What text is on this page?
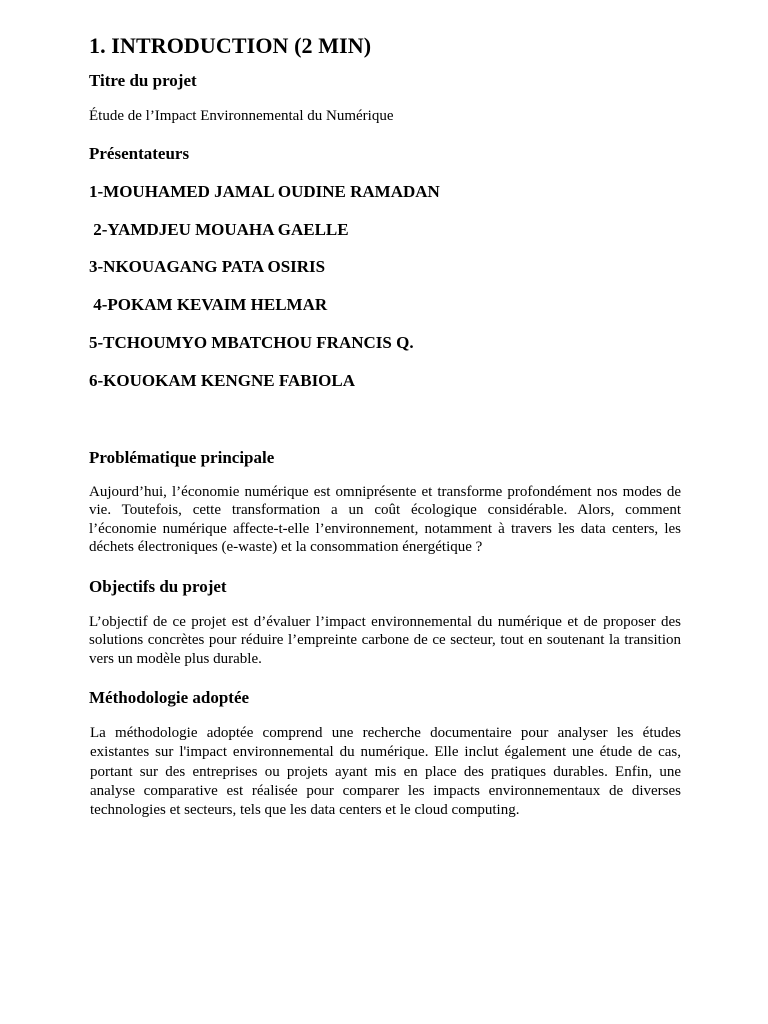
1. INTRODUCTION (2 MIN)
Titre du projet

Étude de l’Impact Environnemental du Numérique

Présentateurs

1-MOUHAMED JAMAL OUDINE RAMADAN

2-YAMDJEU MOUAHA GAELLE

3-NKOUAGANG PATA OSIRIS

4-POKAM KEVAIM HELMAR

5-TCHOUMYO MBATCHOU FRANCIS Q.

6-KOUOKAM KENGNE FABIOLA

Problématique principale

Aujourd’hui, l’économie numérique est omniprésente et transforme profondément nos modes de vie. Toutefois, cette transformation a un coût écologique considérable. Alors, comment l’économie numérique affecte-t-elle l’environnement, notamment à travers les data centers, les déchets électroniques (e-waste) et la consommation énergétique ?

Objectifs du projet

L’objectif de ce projet est d’évaluer l’impact environnemental du numérique et de proposer des solutions concrètes pour réduire l’empreinte carbone de ce secteur, tout en soutenant la transition vers un modèle plus durable.

Méthodologie adoptée

La méthodologie adoptée comprend une recherche documentaire pour analyser les études existantes sur l'impact environnemental du numérique. Elle inclut également une étude de cas, portant sur des entreprises ou projets ayant mis en place des pratiques durables. Enfin, une analyse comparative est réalisée pour comparer les impacts environnementaux de diverses technologies et secteurs, tels que les data centers et le cloud computing.
